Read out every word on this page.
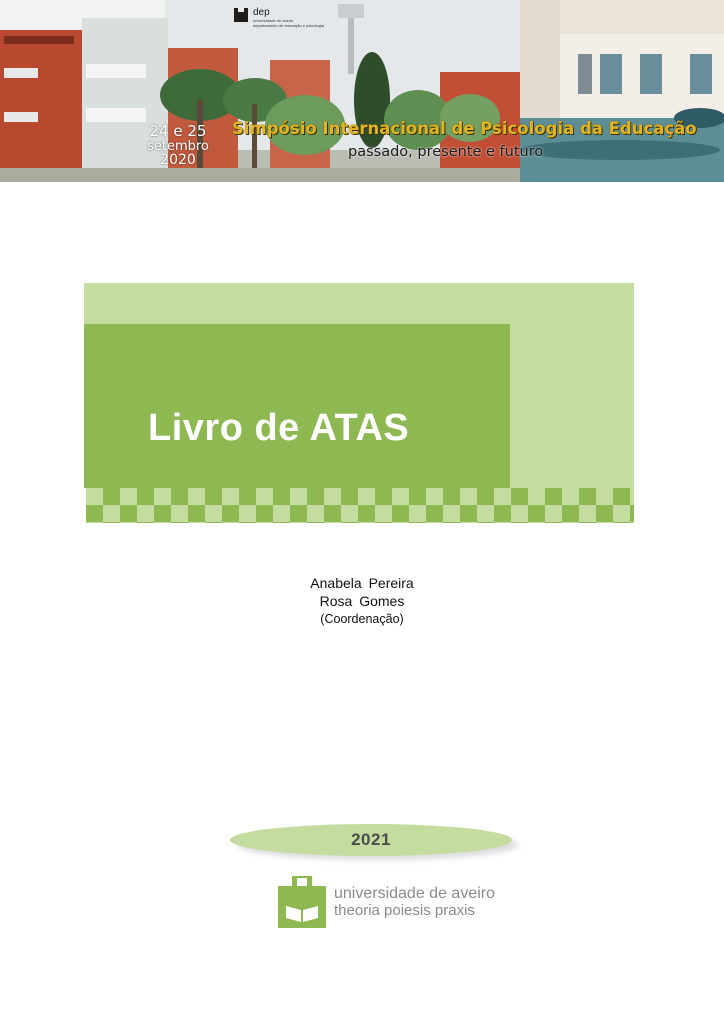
dep
universidade de aveiro
departamento de educação e psicologia
24 e 25
setembro
2020
Simpósio Internacional de Psicologia da Educação
passado, presente e futuro
Livro de ATAS
Anabela Pereira
Rosa Gomes
(Coordenação)
2021
universidade de aveiro
theoria poiesis praxis
